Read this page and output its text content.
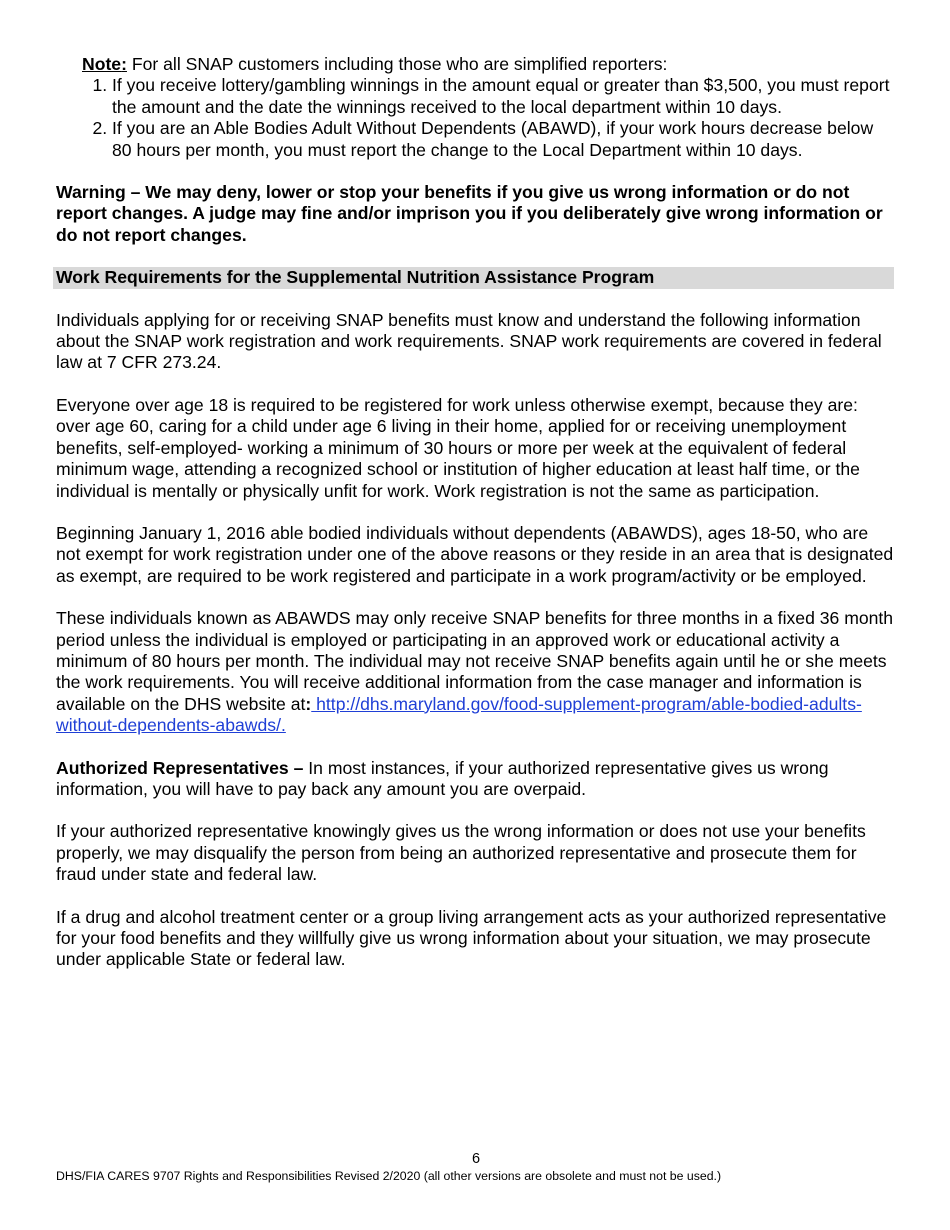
Note: For all SNAP customers including those who are simplified reporters:
1. If you receive lottery/gambling winnings in the amount equal or greater than $3,500, you must report the amount and the date the winnings received to the local department within 10 days.
2. If you are an Able Bodies Adult Without Dependents (ABAWD), if your work hours decrease below 80 hours per month, you must report the change to the Local Department within 10 days.

Warning – We may deny, lower or stop your benefits if you give us wrong information or do not report changes. A judge may fine and/or imprison you if you deliberately give wrong information or do not report changes.

Work Requirements for the Supplemental Nutrition Assistance Program

Individuals applying for or receiving SNAP benefits must know and understand the following information about the SNAP work registration and work requirements. SNAP work requirements are covered in federal law at 7 CFR 273.24.

Everyone over age 18 is required to be registered for work unless otherwise exempt, because they are: over age 60, caring for a child under age 6 living in their home, applied for or receiving unemployment benefits, self-employed- working a minimum of 30 hours or more per week at the equivalent of federal minimum wage, attending a recognized school or institution of higher education at least half time, or the individual is mentally or physically unfit for work. Work registration is not the same as participation.

Beginning January 1, 2016 able bodied individuals without dependents (ABAWDS), ages 18-50, who are not exempt for work registration under one of the above reasons or they reside in an area that is designated as exempt, are required to be work registered and participate in a work program/activity or be employed.

These individuals known as ABAWDS may only receive SNAP benefits for three months in a fixed 36 month period unless the individual is employed or participating in an approved work or educational activity a minimum of 80 hours per month. The individual may not receive SNAP benefits again until he or she meets the work requirements. You will receive additional information from the case manager and information is available on the DHS website at: http://dhs.maryland.gov/food-supplement-program/able-bodied-adults-without-dependents-abawds/.

Authorized Representatives – In most instances, if your authorized representative gives us wrong information, you will have to pay back any amount you are overpaid.

If your authorized representative knowingly gives us the wrong information or does not use your benefits properly, we may disqualify the person from being an authorized representative and prosecute them for fraud under state and federal law.

If a drug and alcohol treatment center or a group living arrangement acts as your authorized representative for your food benefits and they willfully give us wrong information about your situation, we may prosecute under applicable State or federal law.

6
DHS/FIA CARES 9707 Rights and Responsibilities Revised 2/2020 (all other versions are obsolete and must not be used.)
